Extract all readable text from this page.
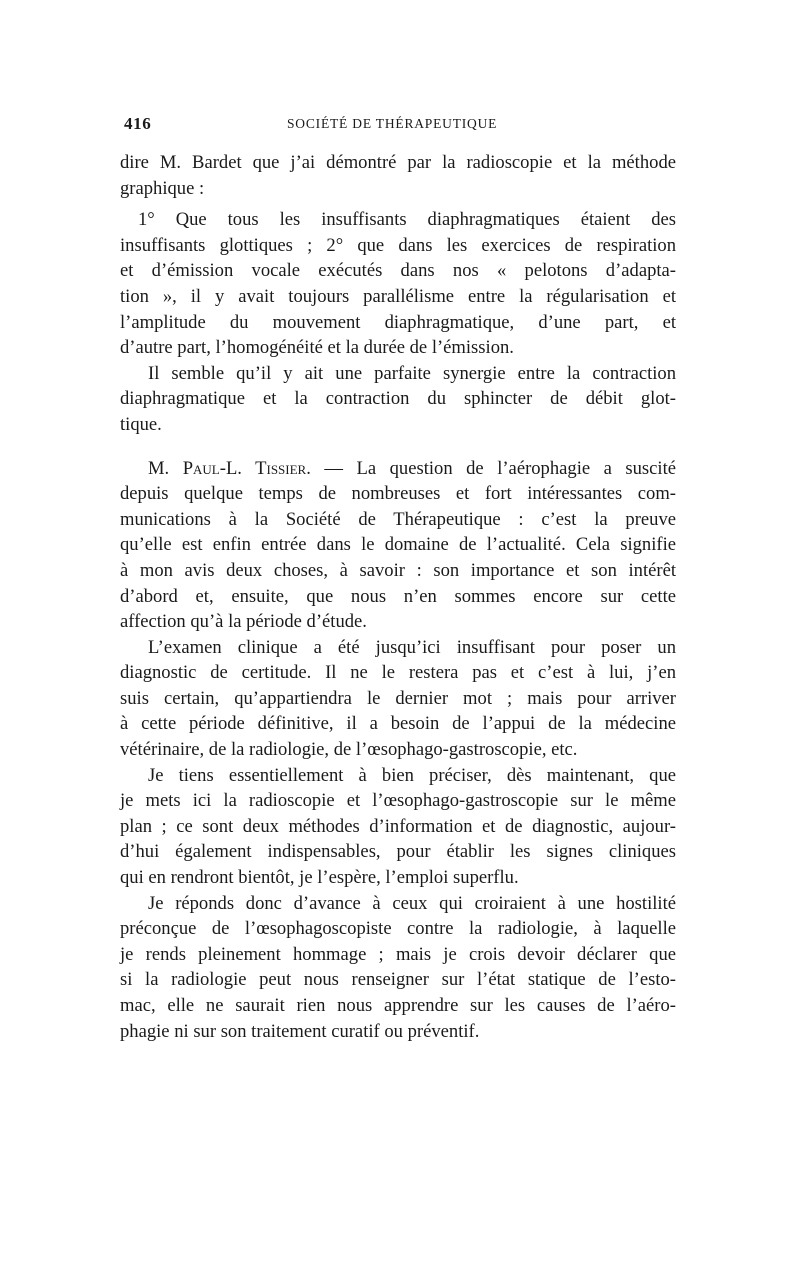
416	SOCIÉTÉ DE THÉRAPEUTIQUE
dire M. Bardet que j’ai démontré par la radioscopie et la méthode
graphique :
1° Que tous les insuffisants diaphragmatiques étaient des
insuffisants glottiques ; 2° que dans les exercices de respiration
et d’émission vocale exécutés dans nos « pelotons d’adapta-
tion », il y avait toujours parallélisme entre la régularisation et
l’amplitude du mouvement diaphragmatique, d’une part, et
d’autre part, l’homogénéité et la durée de l’émission.
Il semble qu’il y ait une parfaite synergie entre la contraction
diaphragmatique et la contraction du sphincter de débit glot-
tique.
M. Paul-L. Tissier. — La question de l’aérophagie a suscité
depuis quelque temps de nombreuses et fort intéressantes com-
munications à la Société de Thérapeutique : c’est la preuve
qu’elle est enfin entrée dans le domaine de l’actualité. Cela signifie
à mon avis deux choses, à savoir : son importance et son intérêt
d’abord et, ensuite, que nous n’en sommes encore sur cette
affection qu’à la période d’étude.
L’examen clinique a été jusqu’ici insuffisant pour poser un
diagnostic de certitude. Il ne le restera pas et c’est à lui, j’en
suis certain, qu’appartiendra le dernier mot ; mais pour arriver
à cette période définitive, il a besoin de l’appui de la médecine
vétérinaire, de la radiologie, de l’œsophago-gastroscopie, etc.
Je tiens essentiellement à bien préciser, dès maintenant, que
je mets ici la radioscopie et l’œsophago-gastroscopie sur le même
plan ; ce sont deux méthodes d’information et de diagnostic, aujour-
d’hui également indispensables, pour établir les signes cliniques
qui en rendront bientôt, je l’espère, l’emploi superflu.
Je réponds donc d’avance à ceux qui croiraient à une hostilité
préconçue de l’œsophagoscopiste contre la radiologie, à laquelle
je rends pleinement hommage ; mais je crois devoir déclarer que
si la radiologie peut nous renseigner sur l’état statique de l’esto-
mac, elle ne saurait rien nous apprendre sur les causes de l’aéro-
phagie ni sur son traitement curatif ou préventif.
